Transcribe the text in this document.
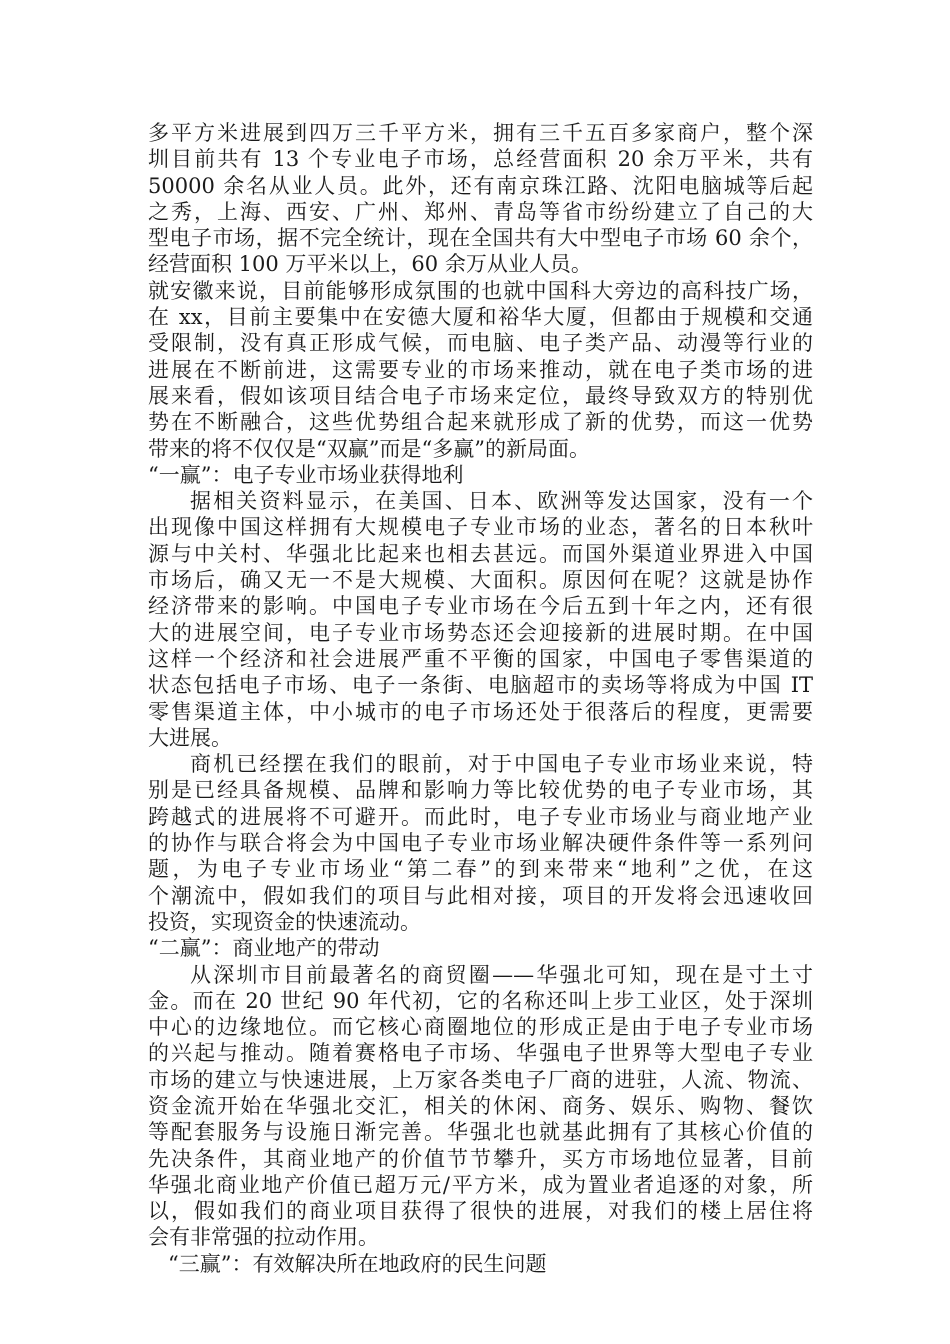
多平方米进展到四万三千平方米，拥有三千五百多家商户，整个深
圳目前共有 13 个专业电子市场，总经营面积 20 余万平米，共有
50000 余名从业人员。此外，还有南京珠江路、沈阳电脑城等后起
之秀，上海、西安、广州、郑州、青岛等省市纷纷建立了自己的大
型电子市场，据不完全统计，现在全国共有大中型电子市场 60 余个，
经营面积 100 万平米以上，60 余万从业人员。
就安徽来说，目前能够形成氛围的也就中国科大旁边的高科技广场，
在 xx，目前主要集中在安德大厦和裕华大厦，但都由于规模和交通
受限制，没有真正形成气候，而电脑、电子类产品、动漫等行业的
进展在不断前进，这需要专业的市场来推动，就在电子类市场的进
展来看，假如该项目结合电子市场来定位，最终导致双方的特别优
势在不断融合，这些优势组合起来就形成了新的优势，而这一优势
带来的将不仅仅是“双赢”而是“多赢”的新局面。
“一赢”：电子专业市场业获得地利
据相关资料显示，在美国、日本、欧洲等发达国家，没有一个
出现像中国这样拥有大规模电子专业市场的业态，著名的日本秋叶
源与中关村、华强北比起来也相去甚远。而国外渠道业界进入中国
市场后，确又无一不是大规模、大面积。原因何在呢？这就是协作
经济带来的影响。中国电子专业市场在今后五到十年之内，还有很
大的进展空间，电子专业市场势态还会迎接新的进展时期。在中国
这样一个经济和社会进展严重不平衡的国家，中国电子零售渠道的
状态包括电子市场、电子一条街、电脑超市的卖场等将成为中国 IT
零售渠道主体，中小城市的电子市场还处于很落后的程度，更需要
大进展。
商机已经摆在我们的眼前，对于中国电子专业市场业来说，特
别是已经具备规模、品牌和影响力等比较优势的电子专业市场，其
跨越式的进展将不可避开。而此时，电子专业市场业与商业地产业
的协作与联合将会为中国电子专业市场业解决硬件条件等一系列问
题，为电子专业市场业“第二春”的到来带来“地利”之优，在这
个潮流中，假如我们的项目与此相对接，项目的开发将会迅速收回
投资，实现资金的快速流动。
“二赢”：商业地产的带动
从深圳市目前最著名的商贸圈——华强北可知，现在是寸土寸
金。而在 20 世纪 90 年代初，它的名称还叫上步工业区，处于深圳
中心的边缘地位。而它核心商圈地位的形成正是由于电子专业市场
的兴起与推动。随着赛格电子市场、华强电子世界等大型电子专业
市场的建立与快速进展，上万家各类电子厂商的进驻，人流、物流、
资金流开始在华强北交汇，相关的休闲、商务、娱乐、购物、餐饮
等配套服务与设施日渐完善。华强北也就基此拥有了其核心价值的
先决条件，其商业地产的价值节节攀升，买方市场地位显著，目前
华强北商业地产价值已超万元/平方米，成为置业者追逐的对象，所
以，假如我们的商业项目获得了很快的进展，对我们的楼上居住将
会有非常强的拉动作用。
“三赢”：有效解决所在地政府的民生问题
